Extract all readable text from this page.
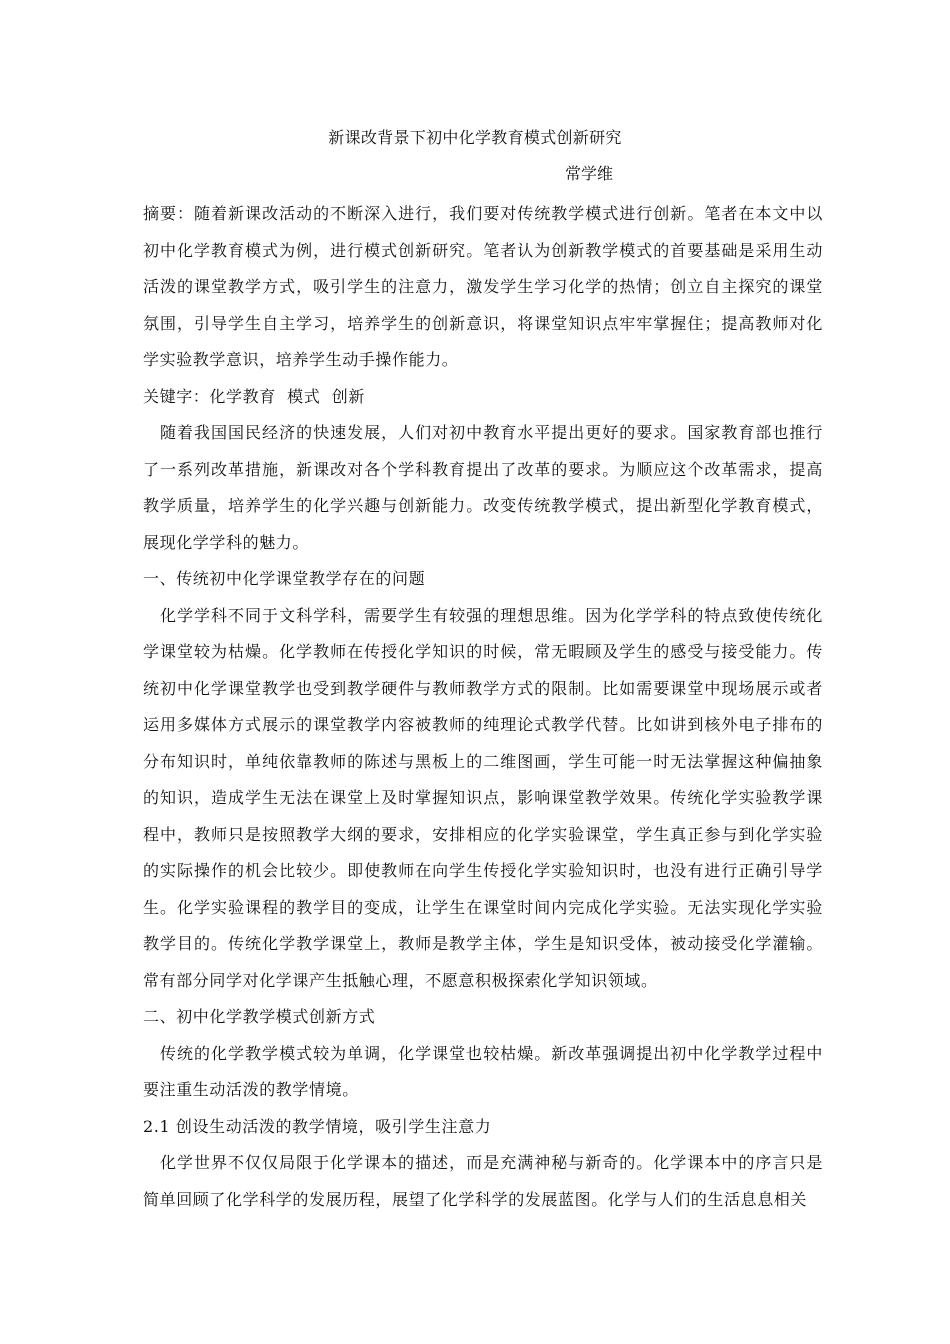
新课改背景下初中化学教育模式创新研究

常学维

摘要：随着新课改活动的不断深入进行，我们要对传统教学模式进行创新。笔者在本文中以初中化学教育模式为例，进行模式创新研究。笔者认为创新教学模式的首要基础是采用生动活泼的课堂教学方式，吸引学生的注意力，激发学生学习化学的热情；创立自主探究的课堂氛围，引导学生自主学习，培养学生的创新意识，将课堂知识点牢牢掌握住；提高教师对化学实验教学意识，培养学生动手操作能力。

关键字：化学教育  模式  创新

随着我国国民经济的快速发展，人们对初中教育水平提出更好的要求。国家教育部也推行了一系列改革措施，新课改对各个学科教育提出了改革的要求。为顺应这个改革需求，提高教学质量，培养学生的化学兴趣与创新能力。改变传统教学模式，提出新型化学教育模式，展现化学学科的魅力。

一、传统初中化学课堂教学存在的问题

化学学科不同于文科学科，需要学生有较强的理想思维。因为化学学科的特点致使传统化学课堂较为枯燥。化学教师在传授化学知识的时候，常无暇顾及学生的感受与接受能力。传统初中化学课堂教学也受到教学硬件与教师教学方式的限制。比如需要课堂中现场展示或者运用多媒体方式展示的课堂教学内容被教师的纯理论式教学代替。比如讲到核外电子排布的分布知识时，单纯依靠教师的陈述与黑板上的二维图画，学生可能一时无法掌握这种偏抽象的知识，造成学生无法在课堂上及时掌握知识点，影响课堂教学效果。传统化学实验教学课程中，教师只是按照教学大纲的要求，安排相应的化学实验课堂，学生真正参与到化学实验的实际操作的机会比较少。即使教师在向学生传授化学实验知识时，也没有进行正确引导学生。化学实验课程的教学目的变成，让学生在课堂时间内完成化学实验。无法实现化学实验教学目的。传统化学教学课堂上，教师是教学主体，学生是知识受体，被动接受化学灌输。常有部分同学对化学课产生抵触心理，不愿意积极探索化学知识领域。

二、初中化学教学模式创新方式

传统的化学教学模式较为单调，化学课堂也较枯燥。新改革强调提出初中化学教学过程中要注重生动活泼的教学情境。

2.1 创设生动活泼的教学情境，吸引学生注意力

化学世界不仅仅局限于化学课本的描述，而是充满神秘与新奇的。化学课本中的序言只是简单回顾了化学科学的发展历程，展望了化学科学的发展蓝图。化学与人们的生活息息相关
